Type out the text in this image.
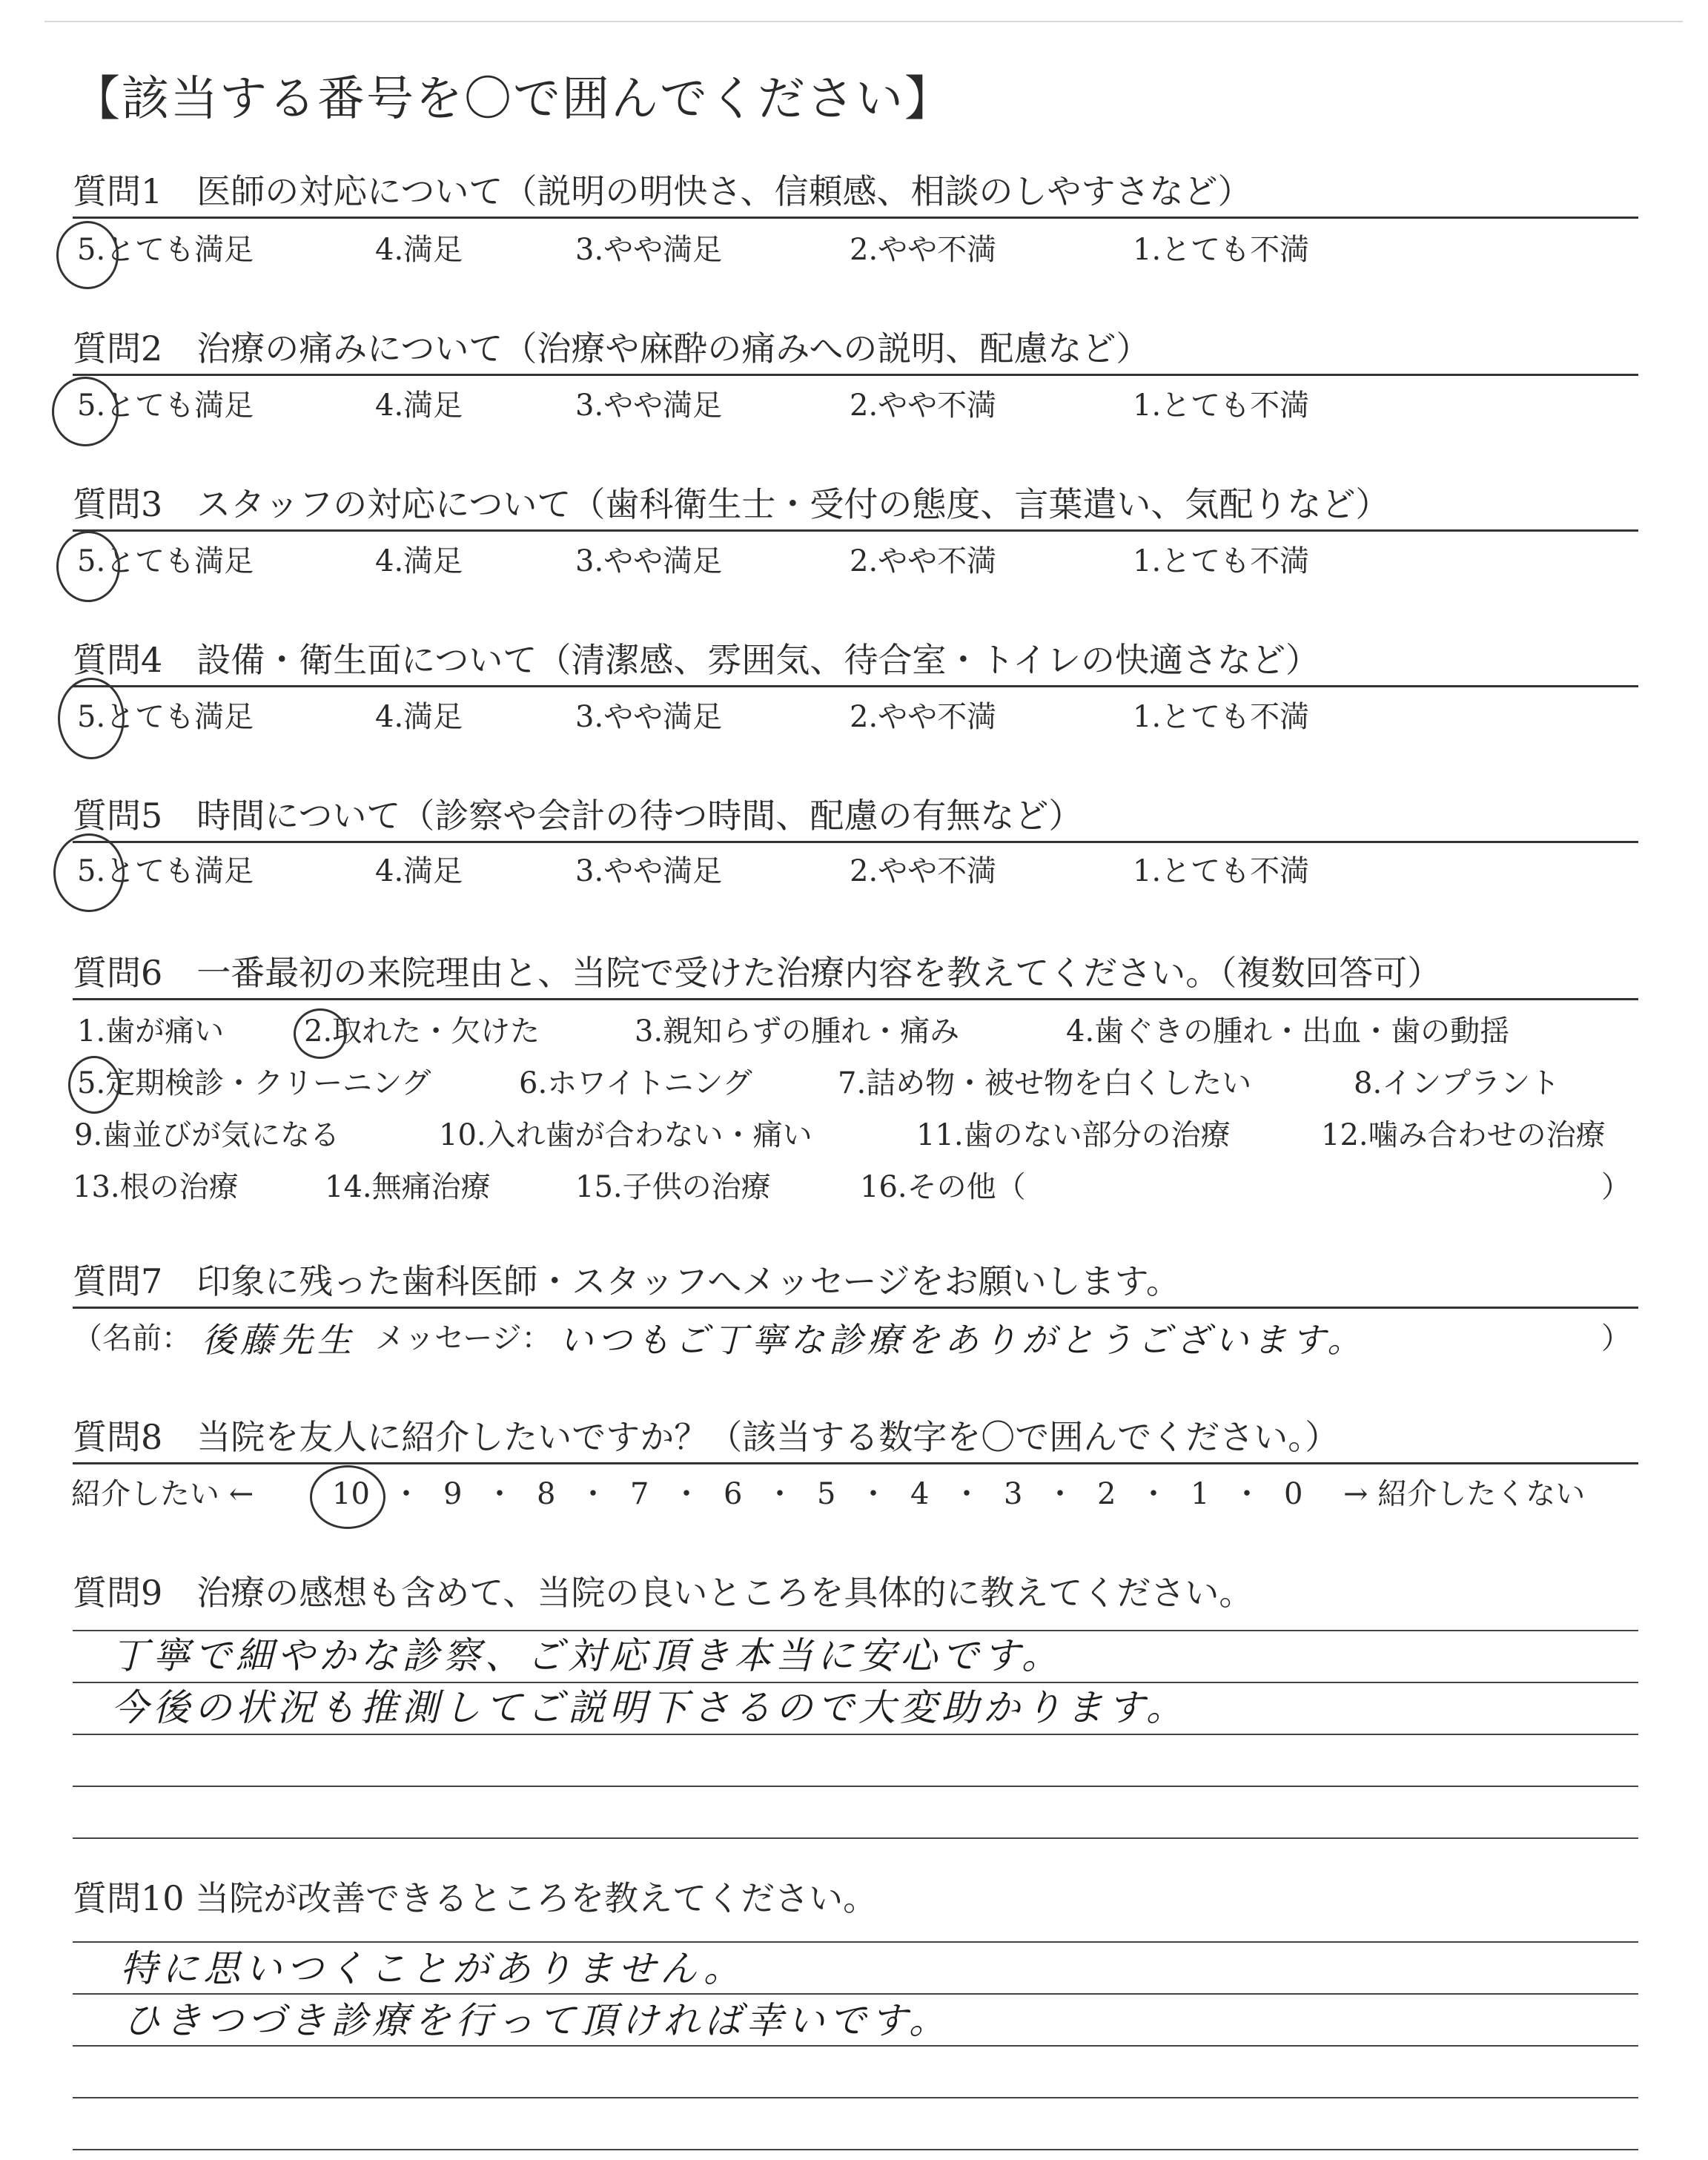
【該当する番号を〇で囲んでください】
質問1　医師の対応について（説明の明快さ、信頼感、相談のしやすさなど）
5.とても満足	4.満足	3.やや満足	2.やや不満	1.とても不満
質問2　治療の痛みについて（治療や麻酔の痛みへの説明、配慮など）
5.とても満足	4.満足	3.やや満足	2.やや不満	1.とても不満
質問3　スタッフの対応について（歯科衛生士・受付の態度、言葉遣い、気配りなど）
5.とても満足	4.満足	3.やや満足	2.やや不満	1.とても不満
質問4　設備・衛生面について（清潔感、雰囲気、待合室・トイレの快適さなど）
5.とても満足	4.満足	3.やや満足	2.やや不満	1.とても不満
質問5　時間について（診察や会計の待つ時間、配慮の有無など）
5.とても満足	4.満足	3.やや満足	2.やや不満	1.とても不満
質問6　一番最初の来院理由と、当院で受けた治療内容を教えてください。（複数回答可）
1.歯が痛い	2.取れた・欠けた	3.親知らずの腫れ・痛み	4.歯ぐきの腫れ・出血・歯の動揺
5.定期検診・クリーニング	6.ホワイトニング	7.詰め物・被せ物を白くしたい	8.インプラント
9.歯並びが気になる	10.入れ歯が合わない・痛い	11.歯のない部分の治療	12.噛み合わせの治療
13.根の治療	14.無痛治療	15.子供の治療	16.その他（	）
質問7　印象に残った歯科医師・スタッフへメッセージをお願いします。
（名前： 後藤先生 メッセージ： いつもご丁寧な診療をありがとうございます。	）
質問8　当院を友人に紹介したいですか？（該当する数字を〇で囲んでください。）
紹介したい ←	10 ・ 9 ・ 8 ・ 7 ・ 6 ・ 5 ・ 4 ・ 3 ・ 2 ・ 1 ・ 0 → 紹介したくない
質問9　治療の感想も含めて、当院の良いところを具体的に教えてください。
丁寧で細やかな診察、ご対応頂き本当に安心です。
今後の状況も推測してご説明下さるので大変助かります。
質問10 当院が改善できるところを教えてください。
特に思いつくことがありません。
ひきつづき診療を行って頂ければ幸いです。
